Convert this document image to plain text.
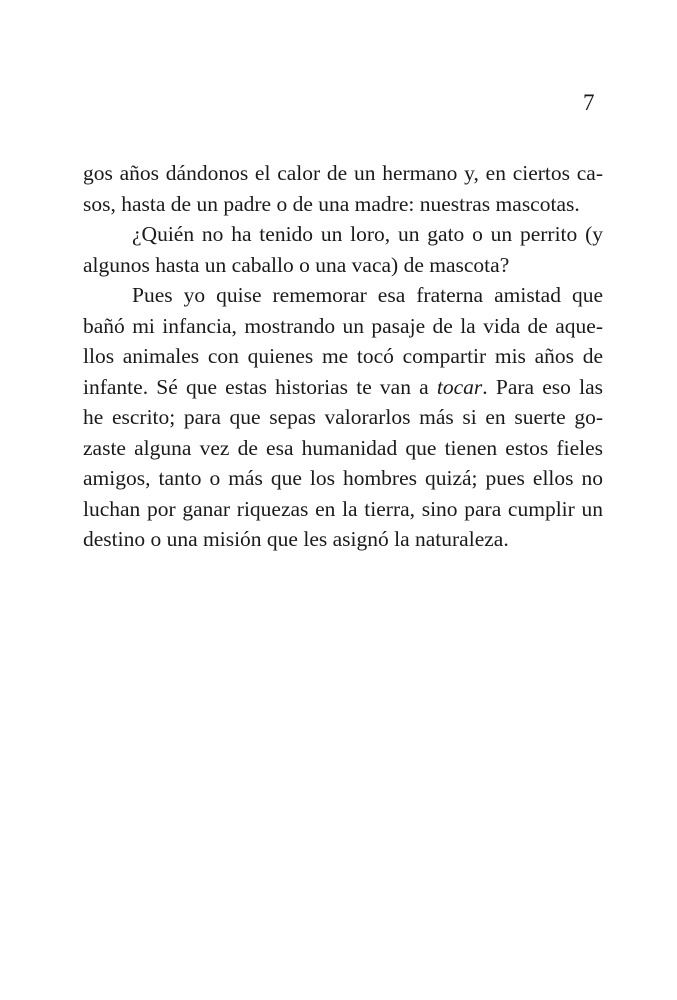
7
gos años dándonos el calor de un hermano y, en ciertos ca-
sos, hasta de un padre o de una madre: nuestras mascotas.
¿Quién no ha tenido un loro, un gato o un perrito (y
algunos hasta un caballo o una vaca) de mascota?
Pues yo quise rememorar esa fraterna amistad que
bañó mi infancia, mostrando un pasaje de la vida de aque-
llos animales con quienes me tocó compartir mis años de
infante. Sé que estas historias te van a tocar. Para eso las
he escrito; para que sepas valorarlos más si en suerte go-
zaste alguna vez de esa humanidad que tienen estos fieles
amigos, tanto o más que los hombres quizá; pues ellos no
luchan por ganar riquezas en la tierra, sino para cumplir un
destino o una misión que les asignó la naturaleza.
